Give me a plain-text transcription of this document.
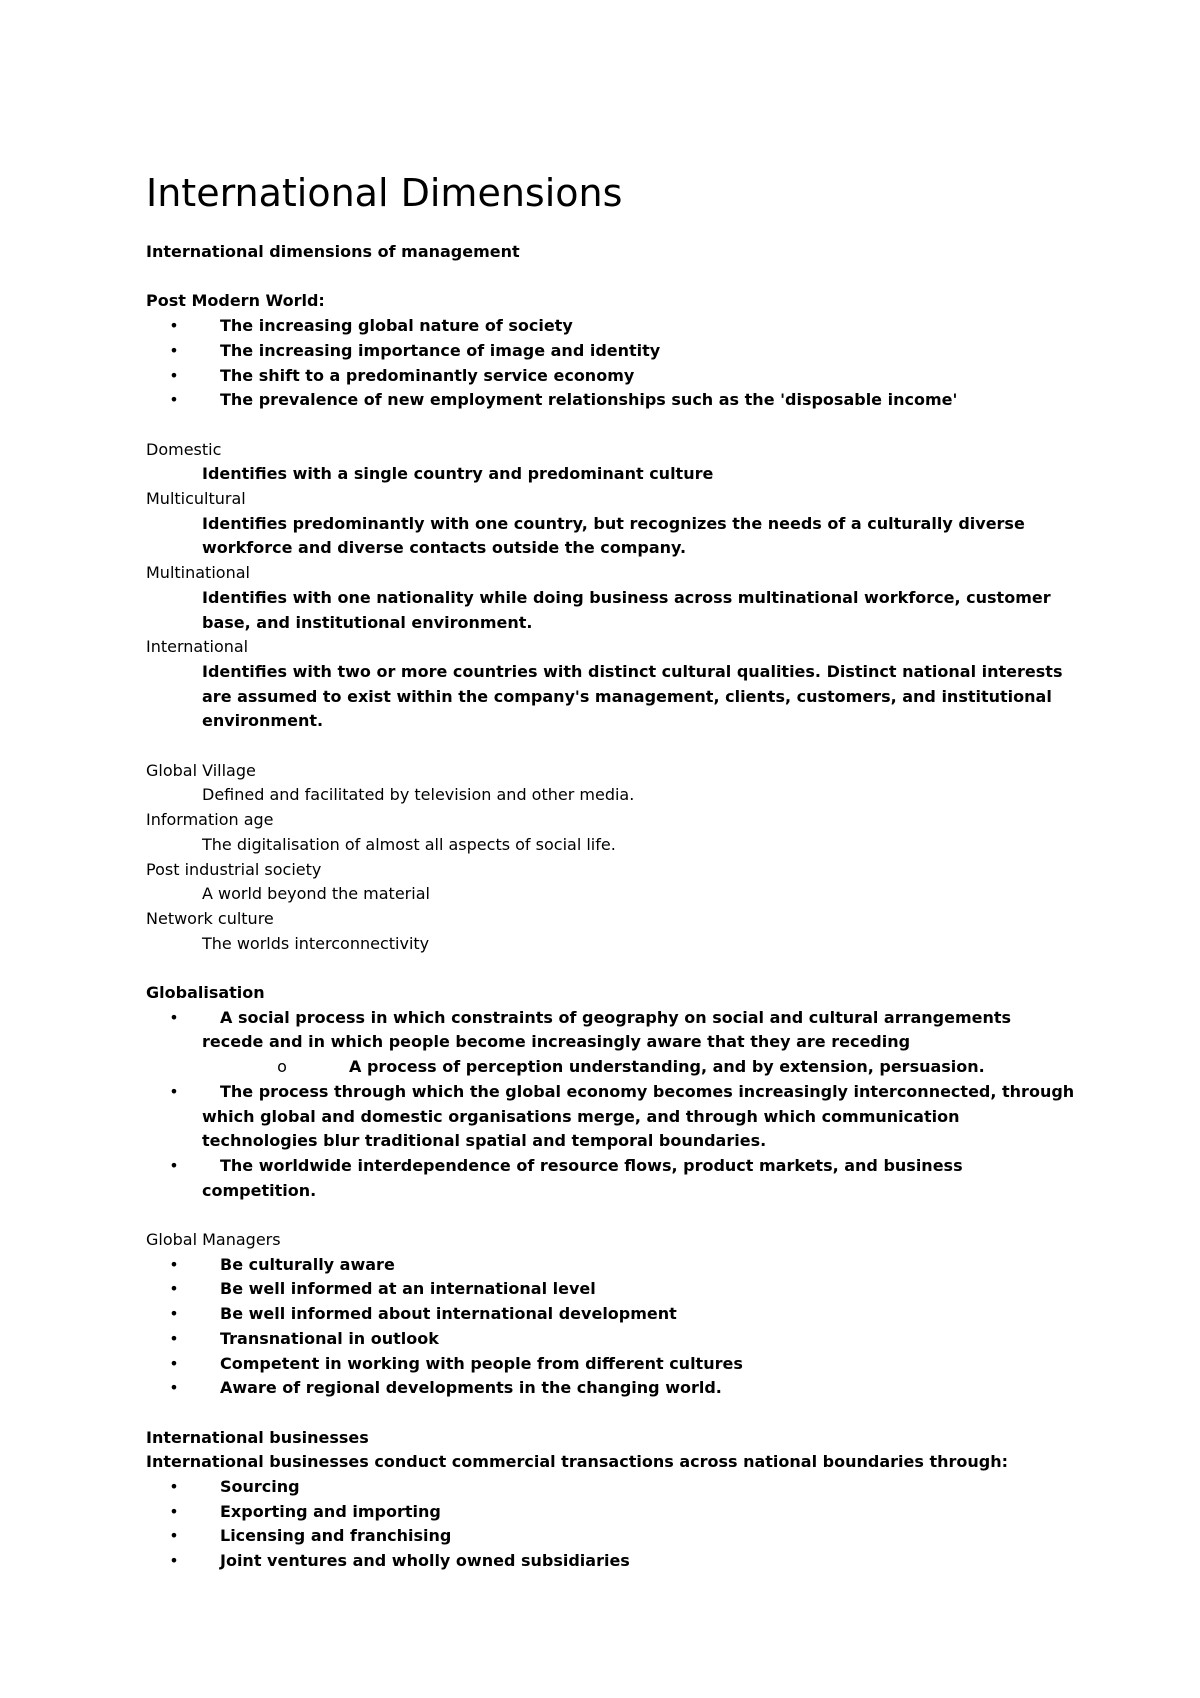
International Dimensions

International dimensions of management

Post Modern World:

•	The increasing global nature of society
•	The increasing importance of image and identity
•	The shift to a predominantly service economy
•	The prevalence of new employment relationships such as the 'disposable income'

Domestic

Identifies with a single country and predominant culture

Multicultural

Identifies predominantly with one country, but recognizes the needs of a culturally diverse workforce and diverse contacts outside the company.

Multinational

Identifies with one nationality while doing business across multinational workforce, customer base, and institutional environment.

International

Identifies with two or more countries with distinct cultural qualities. Distinct national interests are assumed to exist within the company's management, clients, customers, and institutional environment.

Global Village

Defined and facilitated by television and other media.

Information age

The digitalisation of almost all aspects of social life.

Post industrial society

A world beyond the material

Network culture

The worlds interconnectivity

Globalisation

•	A social process in which constraints of geography on social and cultural arrangements recede and in which people become increasingly aware that they are receding
o	A process of perception understanding, and by extension, persuasion.
•	The process through which the global economy becomes increasingly interconnected, through which global and domestic organisations merge, and through which communication technologies blur traditional spatial and temporal boundaries.
•	The worldwide interdependence of resource flows, product markets, and business competition.

Global Managers

•	Be culturally aware
•	Be well informed at an international level
•	Be well informed about international development
•	Transnational in outlook
•	Competent in working with people from different cultures
•	Aware of regional developments in the changing world.

International businesses

International businesses conduct commercial transactions across national boundaries through:

•	Sourcing
•	Exporting and importing
•	Licensing and franchising
•	Joint ventures and wholly owned subsidiaries
